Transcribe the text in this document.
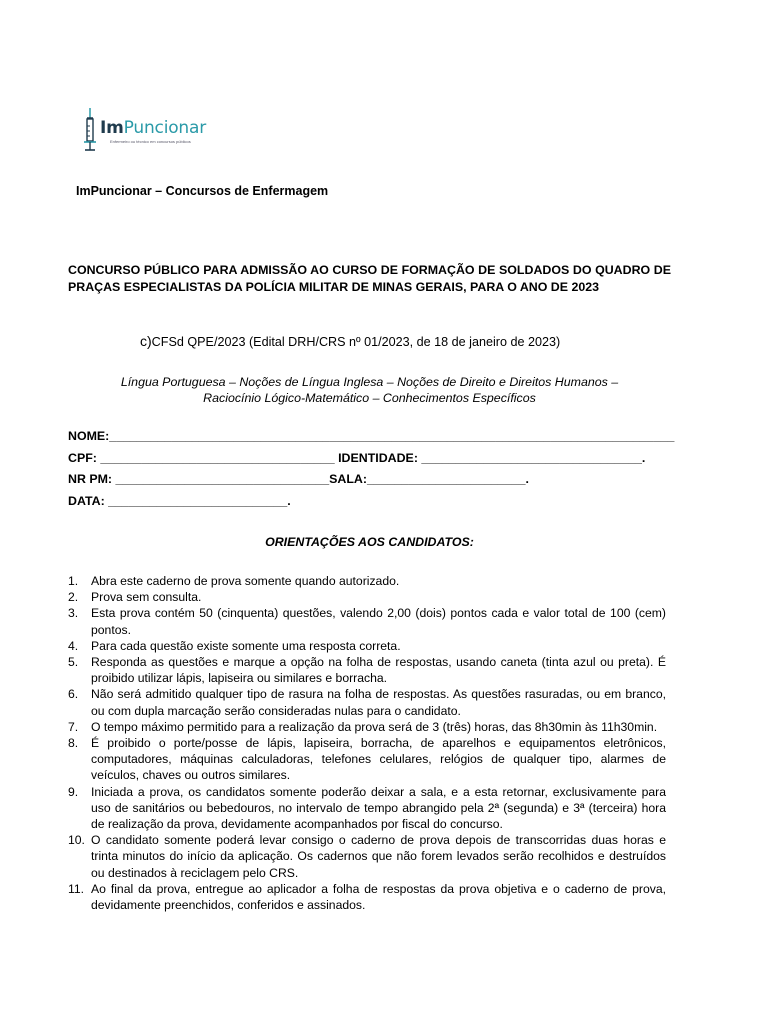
ImPuncionar
Enfermeiro ou técnico em concursos públicos
ImPuncionar – Concursos de Enfermagem
CONCURSO PÚBLICO PARA ADMISSÃO AO CURSO DE FORMAÇÃO DE SOLDADOS DO QUADRO DE PRAÇAS ESPECIALISTAS DA POLÍCIA MILITAR DE MINAS GERAIS, PARA O ANO DE 2023
c)CFSd QPE/2023 (Edital DRH/CRS nº 01/2023, de 18 de janeiro de 2023)
Língua Portuguesa – Noções de Língua Inglesa – Noções de Direito e Direitos Humanos –
Raciocínio Lógico-Matemático – Conhecimentos Específicos
NOME:__________________________________________________________________________________
CPF: __________________________________ IDENTIDADE: ________________________________.
NR PM: _______________________________SALA:_______________________.
DATA: __________________________.
ORIENTAÇÕES AOS CANDIDATOS:
1. Abra este caderno de prova somente quando autorizado.
2. Prova sem consulta.
3. Esta prova contém 50 (cinquenta) questões, valendo 2,00 (dois) pontos cada e valor total de 100 (cem) pontos.
4. Para cada questão existe somente uma resposta correta.
5. Responda as questões e marque a opção na folha de respostas, usando caneta (tinta azul ou preta). É proibido utilizar lápis, lapiseira ou similares e borracha.
6. Não será admitido qualquer tipo de rasura na folha de respostas. As questões rasuradas, ou em branco, ou com dupla marcação serão consideradas nulas para o candidato.
7. O tempo máximo permitido para a realização da prova será de 3 (três) horas, das 8h30min às 11h30min.
8. É proibido o porte/posse de lápis, lapiseira, borracha, de aparelhos e equipamentos eletrônicos, computadores, máquinas calculadoras, telefones celulares, relógios de qualquer tipo, alarmes de veículos, chaves ou outros similares.
9. Iniciada a prova, os candidatos somente poderão deixar a sala, e a esta retornar, exclusivamente para uso de sanitários ou bebedouros, no intervalo de tempo abrangido pela 2ª (segunda) e 3ª (terceira) hora de realização da prova, devidamente acompanhados por fiscal do concurso.
10. O candidato somente poderá levar consigo o caderno de prova depois de transcorridas duas horas e trinta minutos do início da aplicação. Os cadernos que não forem levados serão recolhidos e destruídos ou destinados à reciclagem pelo CRS.
11. Ao final da prova, entregue ao aplicador a folha de respostas da prova objetiva e o caderno de prova, devidamente preenchidos, conferidos e assinados.
